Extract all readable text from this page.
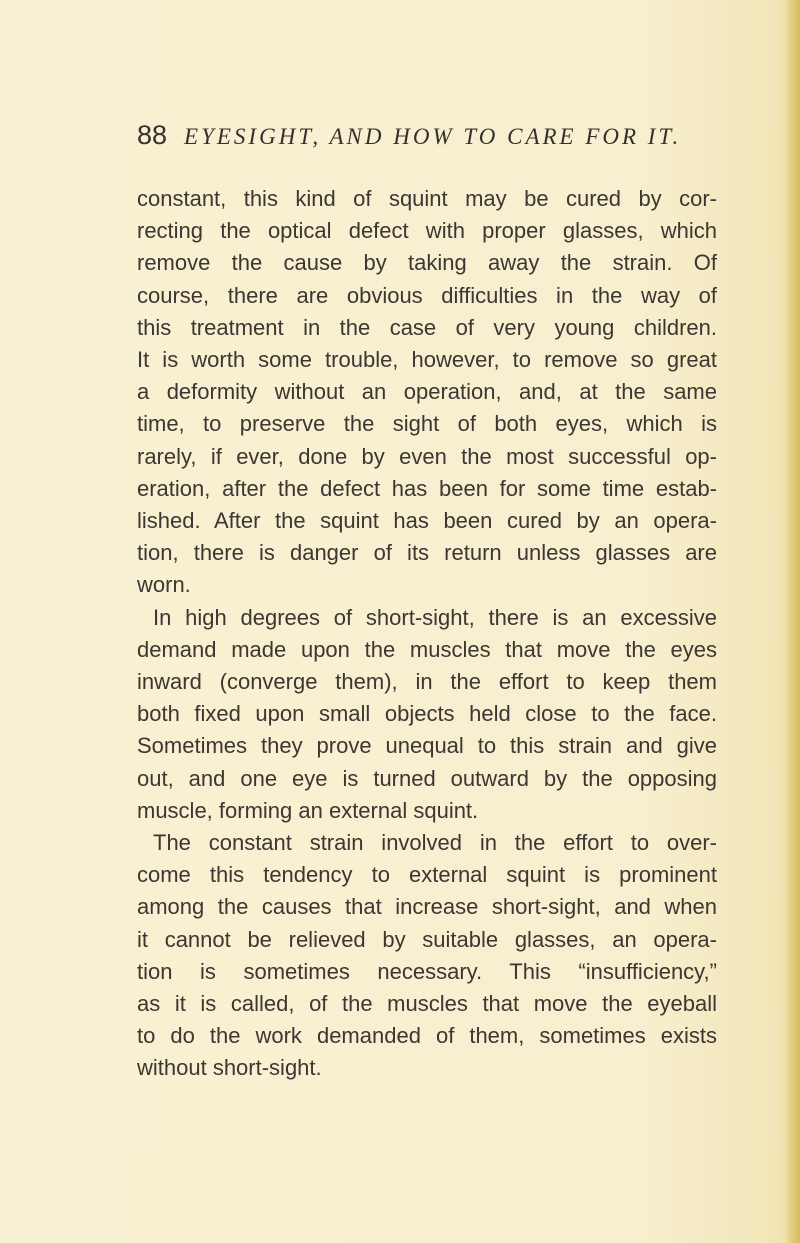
88 EYESIGHT, AND HOW TO CARE FOR IT.
constant, this kind of squint may be cured by cor-
recting the optical defect with proper glasses, which
remove the cause by taking away the strain. Of
course, there are obvious difficulties in the way of
this treatment in the case of very young children.
It is worth some trouble, however, to remove so great
a deformity without an operation, and, at the same
time, to preserve the sight of both eyes, which is
rarely, if ever, done by even the most successful op-
eration, after the defect has been for some time estab-
lished. After the squint has been cured by an opera-
tion, there is danger of its return unless glasses are
worn.
In high degrees of short-sight, there is an excessive
demand made upon the muscles that move the eyes
inward (converge them), in the effort to keep them
both fixed upon small objects held close to the face.
Sometimes they prove unequal to this strain and give
out, and one eye is turned outward by the opposing
muscle, forming an external squint.
The constant strain involved in the effort to over-
come this tendency to external squint is prominent
among the causes that increase short-sight, and when
it cannot be relieved by suitable glasses, an opera-
tion is sometimes necessary. This “insufficiency,”
as it is called, of the muscles that move the eyeball
to do the work demanded of them, sometimes exists
without short-sight.
